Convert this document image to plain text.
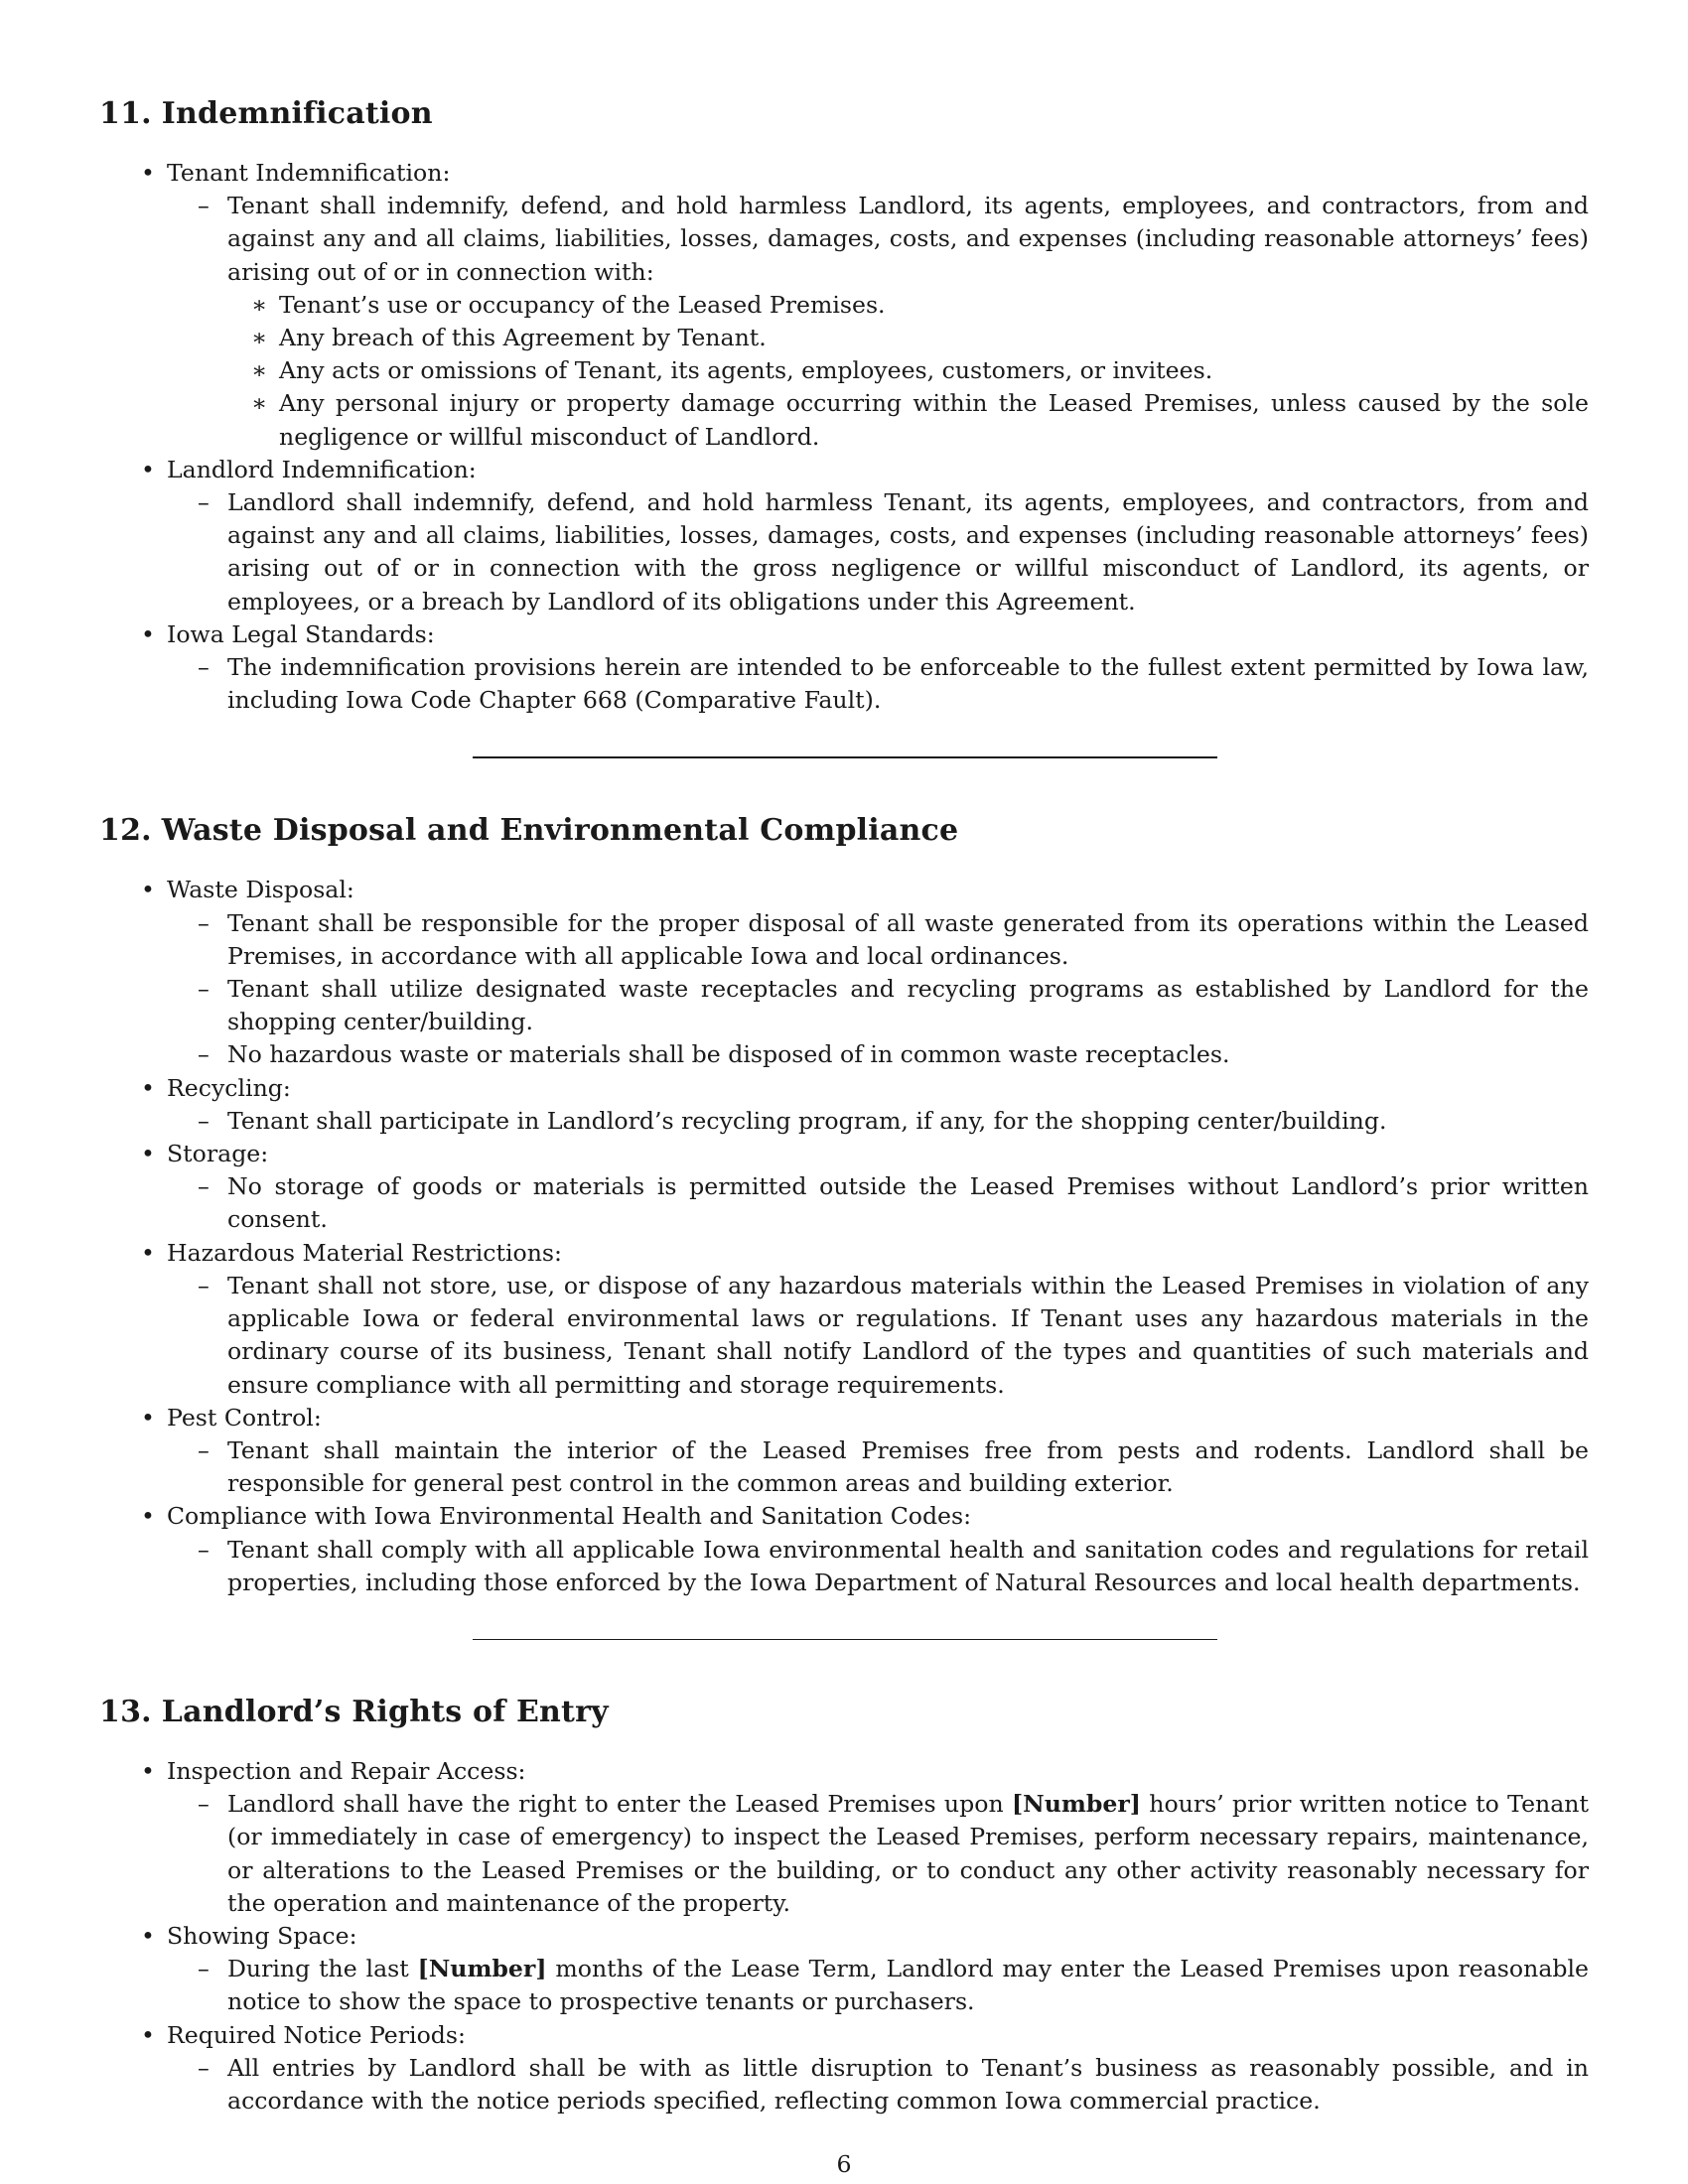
11. Indemnification
• Tenant Indemnification:
– Tenant shall indemnify, defend, and hold harmless Landlord, its agents, employees, and contractors, from and against any and all claims, liabilities, losses, damages, costs, and expenses (including reasonable attorneys’ fees) arising out of or in connection with:
∗ Tenant’s use or occupancy of the Leased Premises.
∗ Any breach of this Agreement by Tenant.
∗ Any acts or omissions of Tenant, its agents, employees, customers, or invitees.
∗ Any personal injury or property damage occurring within the Leased Premises, unless caused by the sole negligence or willful misconduct of Landlord.
• Landlord Indemnification:
– Landlord shall indemnify, defend, and hold harmless Tenant, its agents, employees, and contractors, from and against any and all claims, liabilities, losses, damages, costs, and expenses (including reasonable attorneys’ fees) arising out of or in connection with the gross negligence or willful misconduct of Landlord, its agents, or employees, or a breach by Landlord of its obligations under this Agreement.
• Iowa Legal Standards:
– The indemnification provisions herein are intended to be enforceable to the fullest extent permitted by Iowa law, including Iowa Code Chapter 668 (Comparative Fault).
12. Waste Disposal and Environmental Compliance
• Waste Disposal:
– Tenant shall be responsible for the proper disposal of all waste generated from its operations within the Leased Premises, in accordance with all applicable Iowa and local ordinances.
– Tenant shall utilize designated waste receptacles and recycling programs as established by Landlord for the shopping center/building.
– No hazardous waste or materials shall be disposed of in common waste receptacles.
• Recycling:
– Tenant shall participate in Landlord’s recycling program, if any, for the shopping center/building.
• Storage:
– No storage of goods or materials is permitted outside the Leased Premises without Landlord’s prior written consent.
• Hazardous Material Restrictions:
– Tenant shall not store, use, or dispose of any hazardous materials within the Leased Premises in violation of any applicable Iowa or federal environmental laws or regulations. If Tenant uses any hazardous materials in the ordinary course of its business, Tenant shall notify Landlord of the types and quantities of such materials and ensure compliance with all permitting and storage requirements.
• Pest Control:
– Tenant shall maintain the interior of the Leased Premises free from pests and rodents. Landlord shall be responsible for general pest control in the common areas and building exterior.
• Compliance with Iowa Environmental Health and Sanitation Codes:
– Tenant shall comply with all applicable Iowa environmental health and sanitation codes and regulations for retail properties, including those enforced by the Iowa Department of Natural Resources and local health departments.
13. Landlord’s Rights of Entry
• Inspection and Repair Access:
– Landlord shall have the right to enter the Leased Premises upon [Number] hours’ prior written notice to Tenant (or immediately in case of emergency) to inspect the Leased Premises, perform necessary repairs, maintenance, or alterations to the Leased Premises or the building, or to conduct any other activity reasonably necessary for the operation and maintenance of the property.
• Showing Space:
– During the last [Number] months of the Lease Term, Landlord may enter the Leased Premises upon reasonable notice to show the space to prospective tenants or purchasers.
• Required Notice Periods:
– All entries by Landlord shall be with as little disruption to Tenant’s business as reasonably possible, and in accordance with the notice periods specified, reflecting common Iowa commercial practice.
6
